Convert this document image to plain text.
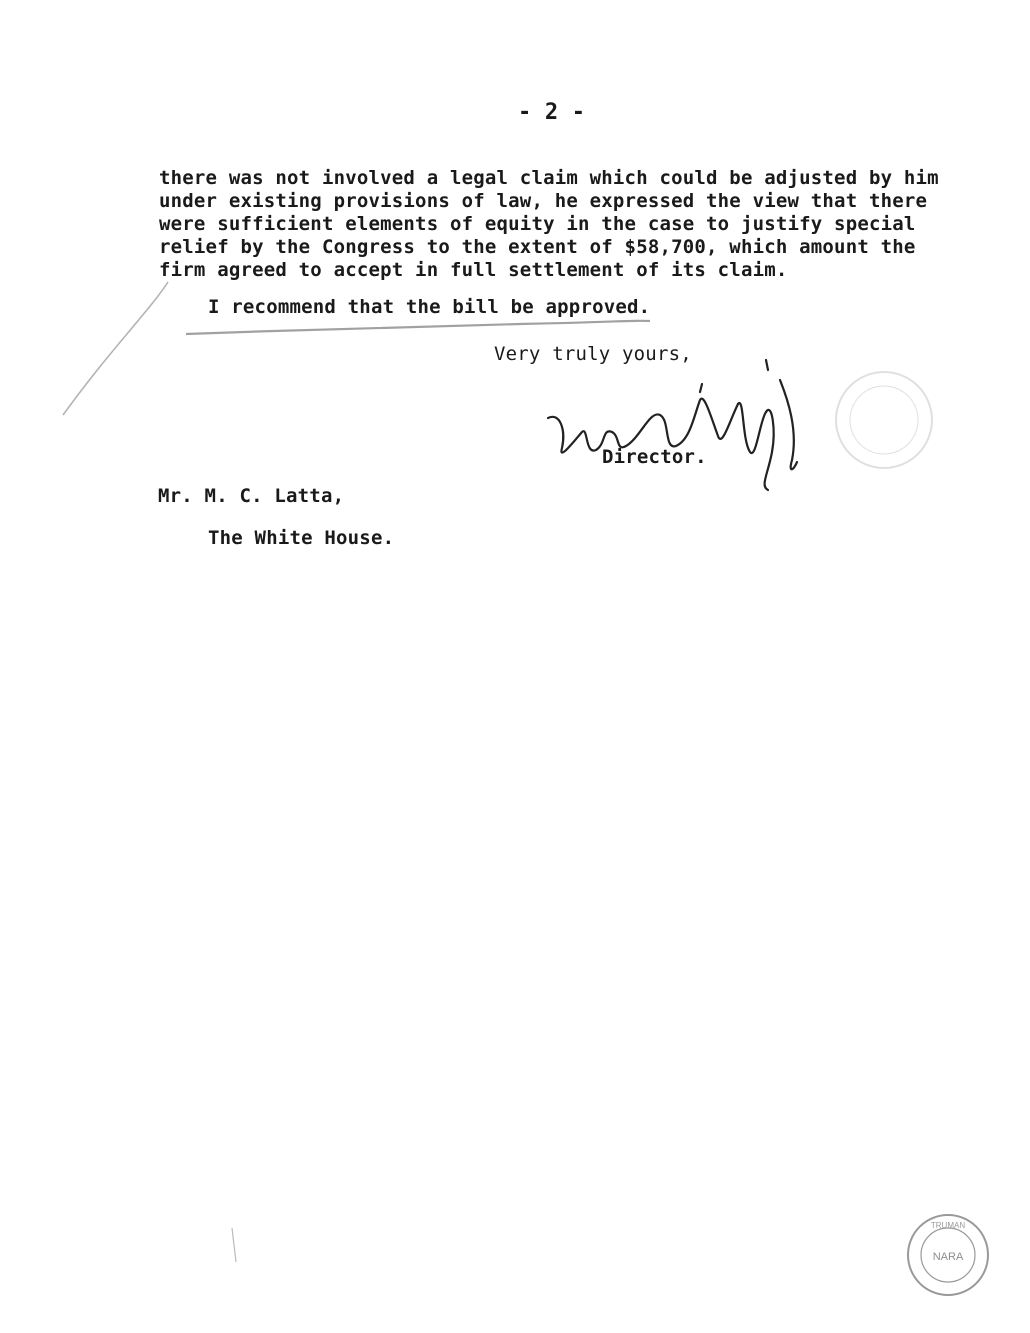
- 2 -
there was not involved a legal claim which could be adjusted by him
under existing provisions of law, he expressed the view that there
were sufficient elements of equity in the case to justify special
relief by the Congress to the extent of $58,700, which amount the
firm agreed to accept in full settlement of its claim.
I recommend that the bill be approved.
Very truly yours,
Director.
Mr. M. C. Latta,
The White House.
NARA
TRUMAN
